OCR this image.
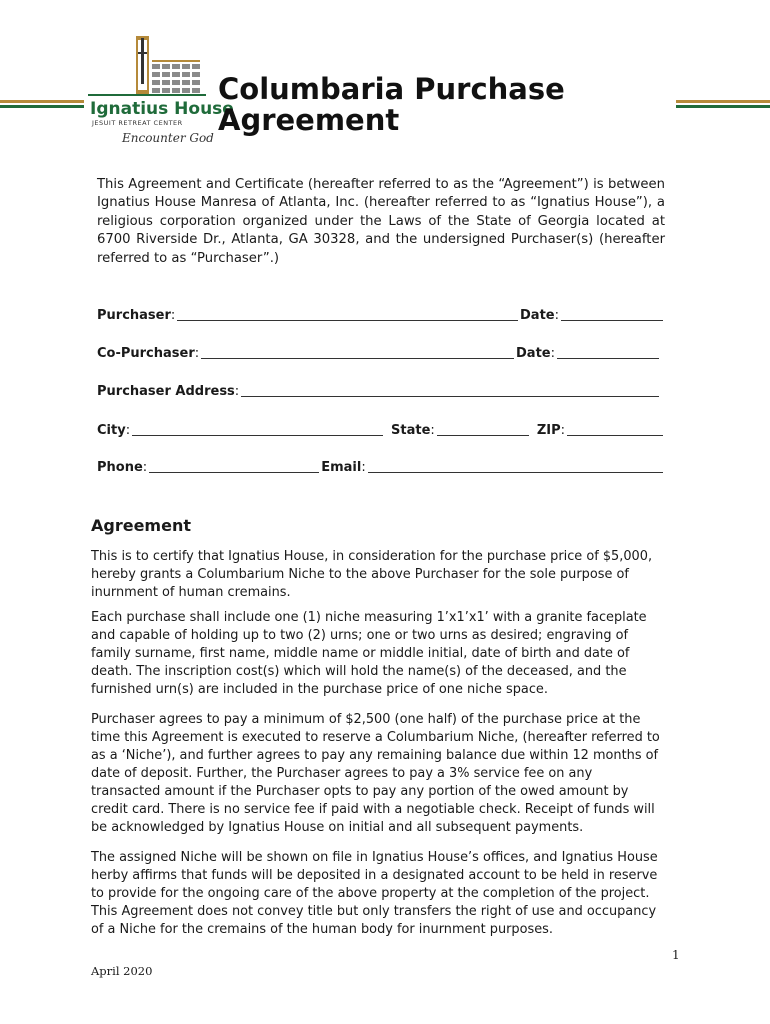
Ignatius House
JESUIT RETREAT CENTER
Encounter God
Columbaria Purchase Agreement
This Agreement and Certificate (hereafter referred to as the “Agreement”) is between Ignatius House Manresa of Atlanta, Inc. (hereafter referred to as “Ignatius House”), a religious corporation organized under the Laws of the State of Georgia located at 6700 Riverside Dr., Atlanta, GA 30328, and the undersigned Purchaser(s) (hereafter referred to as “Purchaser”.)
Purchaser :	Date :
Co-Purchaser :	Date :
Purchaser Address :
City :	State :	ZIP :
Phone :	Email :
Agreement
This is to certify that Ignatius House, in consideration for the purchase price of $5,000, hereby grants a Columbarium Niche to the above Purchaser for the sole purpose of inurnment of human cremains.
Each purchase shall include one (1) niche measuring 1’x1’x1’ with a granite faceplate and capable of holding up to two (2) urns; one or two urns as desired; engraving of family surname, first name, middle name or middle initial, date of birth and date of death. The inscription cost(s) which will hold the name(s) of the deceased, and the furnished urn(s) are included in the purchase price of one niche space.
Purchaser agrees to pay a minimum of $2,500 (one half) of the purchase price at the time this Agreement is executed to reserve a Columbarium Niche, (hereafter referred to as a ‘Niche’), and further agrees to pay any remaining balance due within 12 months of date of deposit. Further, the Purchaser agrees to pay a 3% service fee on any transacted amount if the Purchaser opts to pay any portion of the owed amount by credit card. There is no service fee if paid with a negotiable check. Receipt of funds will be acknowledged by Ignatius House on initial and all subsequent payments.
The assigned Niche will be shown on file in Ignatius House’s offices, and Ignatius House herby affirms that funds will be deposited in a designated account to be held in reserve to provide for the ongoing care of the above property at the completion of the project. This Agreement does not convey title but only transfers the right of use and occupancy of a Niche for the cremains of the human body for inurnment purposes.
1
April 2020
